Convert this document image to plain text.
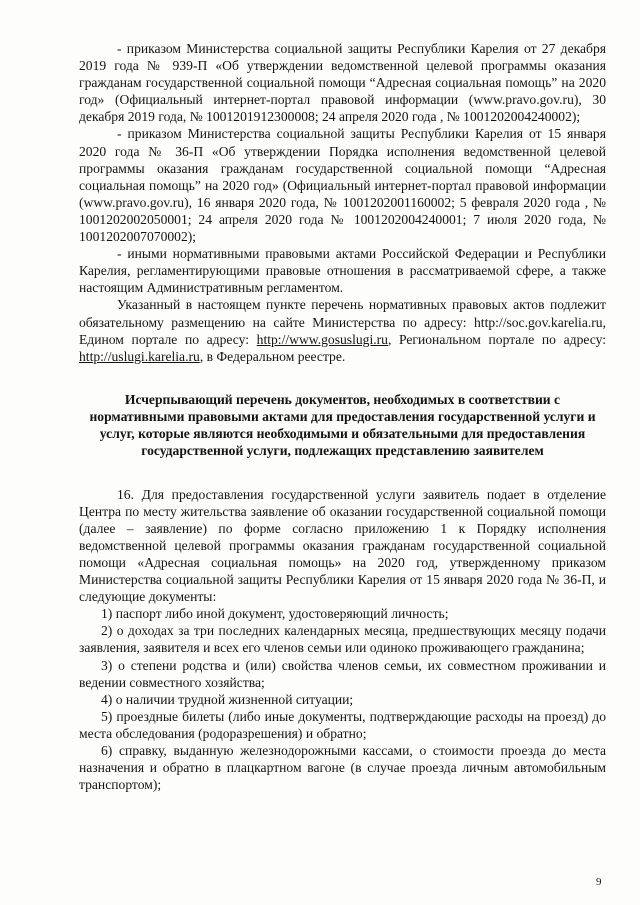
- приказом Министерства социальной защиты Республики Карелия от 27 декабря 2019 года № 939-П «Об утверждении ведомственной целевой программы оказания гражданам государственной социальной помощи “Адресная социальная помощь” на 2020 год» (Официальный интернет-портал правовой информации (www.pravo.gov.ru), 30 декабря 2019 года, № 1001201912300008; 24 апреля 2020 года , № 1001202004240002);

- приказом Министерства социальной защиты Республики Карелия от 15 января 2020 года № 36-П «Об утверждении Порядка исполнения ведомственной целевой программы оказания гражданам государственной социальной помощи “Адресная социальная помощь” на 2020 год» (Официальный интернет-портал правовой информации (www.pravo.gov.ru), 16 января 2020 года, № 1001202001160002; 5 февраля 2020 года , № 1001202002050001; 24 апреля 2020 года № 1001202004240001; 7 июля 2020 года, № 1001202007070002);

- иными нормативными правовыми актами Российской Федерации и Республики Карелия, регламентирующими правовые отношения в рассматриваемой сфере, а также настоящим Административным регламентом.

Указанный в настоящем пункте перечень нормативных правовых актов подлежит обязательному размещению на сайте Министерства по адресу: http://soc.gov.karelia.ru, Едином портале по адресу: http://www.gosuslugi.ru, Региональном портале по адресу: http://uslugi.karelia.ru, в Федеральном реестре.

Исчерпывающий перечень документов, необходимых в соответствии с нормативными правовыми актами для предоставления государственной услуги и услуг, которые являются необходимыми и обязательными для предоставления государственной услуги, подлежащих представлению заявителем

16. Для предоставления государственной услуги заявитель подает в отделение Центра по месту жительства заявление об оказании государственной социальной помощи (далее – заявление) по форме согласно приложению 1 к Порядку исполнения ведомственной целевой программы оказания гражданам государственной социальной помощи «Адресная социальная помощь» на 2020 год, утвержденному приказом Министерства социальной защиты Республики Карелия от 15 января 2020 года № 36-П, и следующие документы:

1) паспорт либо иной документ, удостоверяющий личность;

2) о доходах за три последних календарных месяца, предшествующих месяцу подачи заявления, заявителя и всех его членов семьи или одиноко проживающего гражданина;

3) о степени родства и (или) свойства членов семьи, их совместном проживании и ведении совместного хозяйства;

4) о наличии трудной жизненной ситуации;

5) проездные билеты (либо иные документы, подтверждающие расходы на проезд) до места обследования (родоразрешения) и обратно;

6) справку, выданную железнодорожными кассами, о стоимости проезда до места назначения и обратно в плацкартном вагоне (в случае проезда личным автомобильным транспортом);

9
